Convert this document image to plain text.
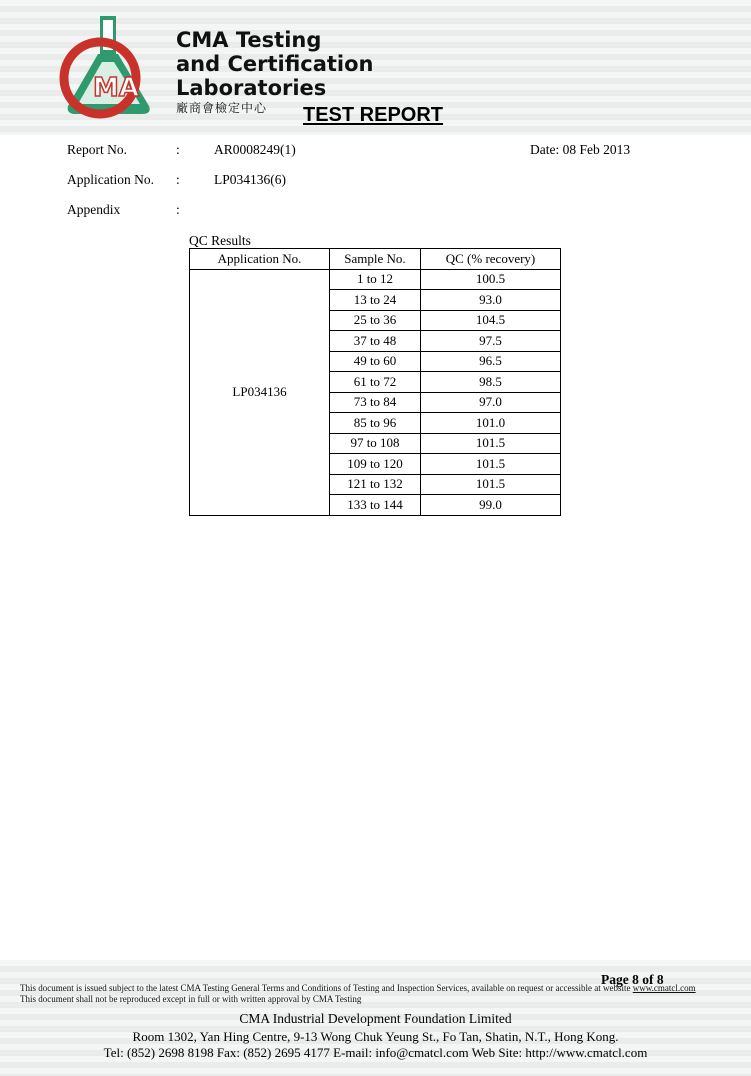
MA
CMA Testing
and Certification
Laboratories
廠商會檢定中心 TEST REPORT
Report No.	:	AR0008249(1)	Date: 08 Feb 2013
Application No. :	LP034136(6)
Appendix	:
QC Results
Application No.	Sample No.	QC (% recovery)
LP034136	1 to 12	100.5
	13 to 24	93.0
	25 to 36	104.5
	37 to 48	97.5
	49 to 60	96.5
	61 to 72	98.5
	73 to 84	97.0
	85 to 96	101.0
	97 to 108	101.5
	109 to 120	101.5
	121 to 132	101.5
	133 to 144	99.0
Page 8 of 8
This document is issued subject to the latest CMA Testing General Terms and Conditions of Testing and Inspection Services, available on request or accessible at website www.cmatcl.com
This document shall not be reproduced except in full or with written approval by CMA Testing
CMA Industrial Development Foundation Limited
Room 1302, Yan Hing Centre, 9-13 Wong Chuk Yeung St., Fo Tan, Shatin, N.T., Hong Kong.
Tel: (852) 2698 8198 Fax: (852) 2695 4177 E-mail: info@cmatcl.com Web Site: http://www.cmatcl.com
